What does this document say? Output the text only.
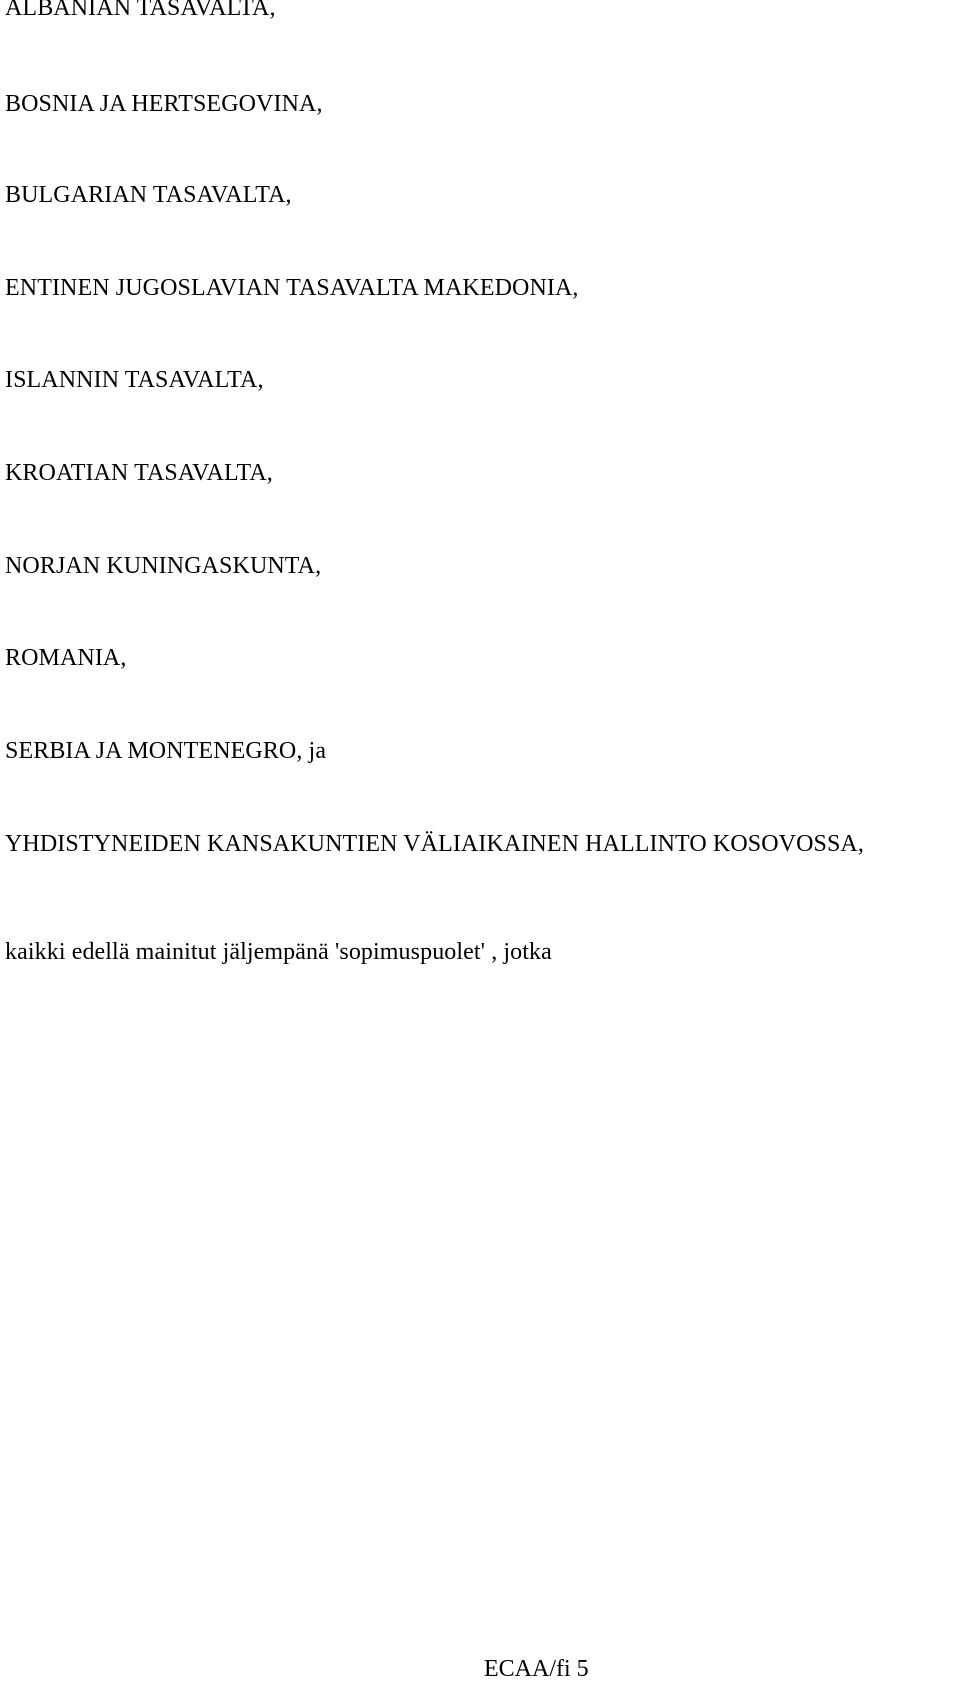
ALBANIAN TASAVALTA,

BOSNIA JA HERTSEGOVINA,

BULGARIAN TASAVALTA,

ENTINEN JUGOSLAVIAN TASAVALTA MAKEDONIA,

ISLANNIN TASAVALTA,

KROATIAN TASAVALTA,

NORJAN KUNINGASKUNTA,

ROMANIA,

SERBIA JA MONTENEGRO, ja

YHDISTYNEIDEN KANSAKUNTIEN VÄLIAIKAINEN HALLINTO KOSOVOSSA,

kaikki edellä mainitut jäljempänä 'sopimuspuolet' , jotka

ECAA/fi 5
